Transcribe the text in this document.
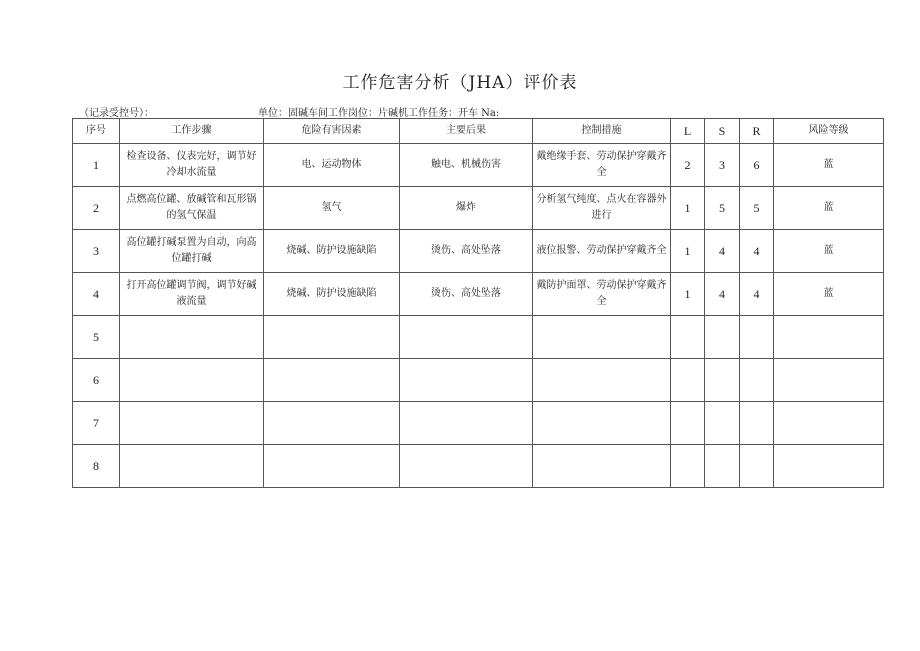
工作危害分析（JHA）评价表
（记录受控号）：	单位：固碱车间工作岗位：片碱机工作任务：开车 Na:
序号	工作步骤	危险有害因素	主要后果	控制措施	L	S	R	风险等级
1	检查设备、仪表完好，调节好冷却水流量	电、运动物体	触电、机械伤害	戴绝缘手套、劳动保护穿戴齐全	2	3	6	蓝
2	点燃高位罐、放碱管和瓦形锅的氢气保温	氢气	爆炸	分析氢气纯度、点火在容器外进行	1	5	5	蓝
3	高位罐打碱泵置为自动，向高位罐打碱	烧碱、防护设施缺陷	烫伤、高处坠落	液位报警、劳动保护穿戴齐全	1	4	4	蓝
4	打开高位罐调节阀，调节好碱液流量	烧碱、防护设施缺陷	烫伤、高处坠落	戴防护面罩、劳动保护穿戴齐全	1	4	4	蓝
5								
6								
7								
8								
